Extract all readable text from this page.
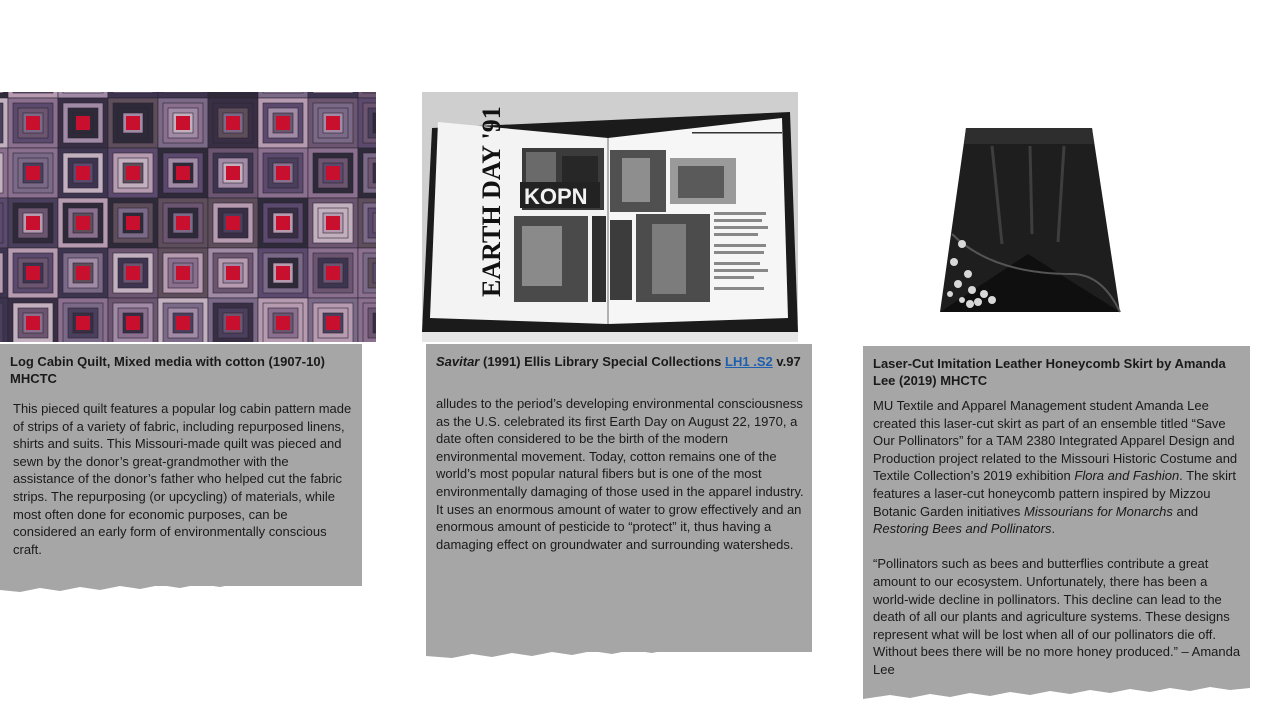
EARTH DAY '91 KOPN
Log Cabin Quilt, Mixed media with cotton (1907-10) MHCTC

This pieced quilt features a popular log cabin pattern made of strips of a variety of fabric, including repurposed linens, shirts and suits. This Missouri-made quilt was pieced and sewn by the donor’s great-grandmother with the assistance of the donor’s father who helped cut the fabric strips. The repurposing (or upcycling) of materials, while most often done for economic purposes, can be considered an early form of environmentally conscious craft.

Savitar (1991) Ellis Library Special Collections LH1 .S2 v.97

alludes to the period’s developing environmental consciousness as the U.S. celebrated its first Earth Day on August 22, 1970, a date often considered to be the birth of the modern environmental movement. Today, cotton remains one of the world’s most popular natural fibers but is one of the most environmentally damaging of those used in the apparel industry. It uses an enormous amount of water to grow effectively and an enormous amount of pesticide to “protect” it, thus having a damaging effect on groundwater and surrounding watersheds.

Laser-Cut Imitation Leather Honeycomb Skirt by Amanda Lee (2019) MHCTC

MU Textile and Apparel Management student Amanda Lee created this laser-cut skirt as part of an ensemble titled “Save Our Pollinators” for a TAM 2380 Integrated Apparel Design and Production project related to the Missouri Historic Costume and Textile Collection’s 2019 exhibition Flora and Fashion. The skirt features a laser-cut honeycomb pattern inspired by Mizzou Botanic Garden initiatives Missourians for Monarchs and Restoring Bees and Pollinators.

“Pollinators such as bees and butterflies contribute a great amount to our ecosystem. Unfortunately, there has been a world-wide decline in pollinators. This decline can lead to the death of all our plants and agriculture systems. These designs represent what will be lost when all of our pollinators die off. Without bees there will be no more honey produced.” – Amanda Lee
